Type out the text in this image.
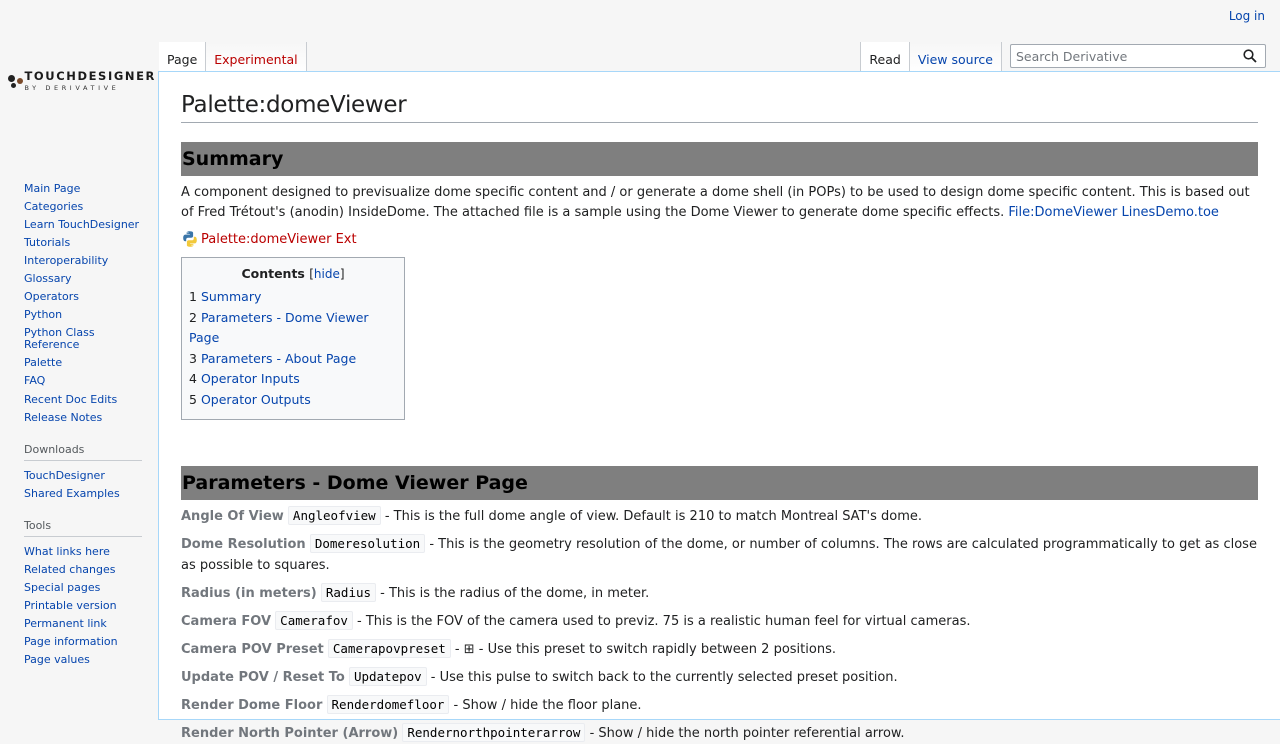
Log in
TOUCHDESIGNER
BY DERIVATIVE
Page	Experimental	Read	View source
Search Derivative
Main Page
Categories
Learn TouchDesigner
Tutorials
Interoperability
Glossary
Operators
Python
Python Class Reference
Palette
FAQ
Recent Doc Edits
Release Notes
Downloads
TouchDesigner
Shared Examples
Tools
What links here
Related changes
Special pages
Printable version
Permanent link
Page information
Page values
Palette:domeViewer
Summary

A component designed to previsualize dome specific content and / or generate a dome shell (in POPs) to be used to design dome specific content. This is based out of Fred Trétout's (anodin) InsideDome. The attached file is a sample using the Dome Viewer to generate dome specific effects. File:DomeViewer LinesDemo.toe

Palette:domeViewer Ext
Contents [hide]
1 Summary
2 Parameters - Dome Viewer Page
3 Parameters - About Page
4 Operator Inputs
5 Operator Outputs
Parameters - Dome Viewer Page

Angle Of View Angleofview - This is the full dome angle of view. Default is 210 to match Montreal SAT's dome.

Dome Resolution Domeresolution - This is the geometry resolution of the dome, or number of columns. The rows are calculated programmatically to get as close as possible to squares.

Radius (in meters) Radius - This is the radius of the dome, in meter.

Camera FOV Camerafov - This is the FOV of the camera used to previz. 75 is a realistic human feel for virtual cameras.

Camera POV Preset Camerapovpreset - ⊞ - Use this preset to switch rapidly between 2 positions.

Update POV / Reset To Updatepov - Use this pulse to switch back to the currently selected preset position.

Render Dome Floor Renderdomefloor - Show / hide the floor plane.

Render North Pointer (Arrow) Rendernorthpointerarrow - Show / hide the north pointer referential arrow.
